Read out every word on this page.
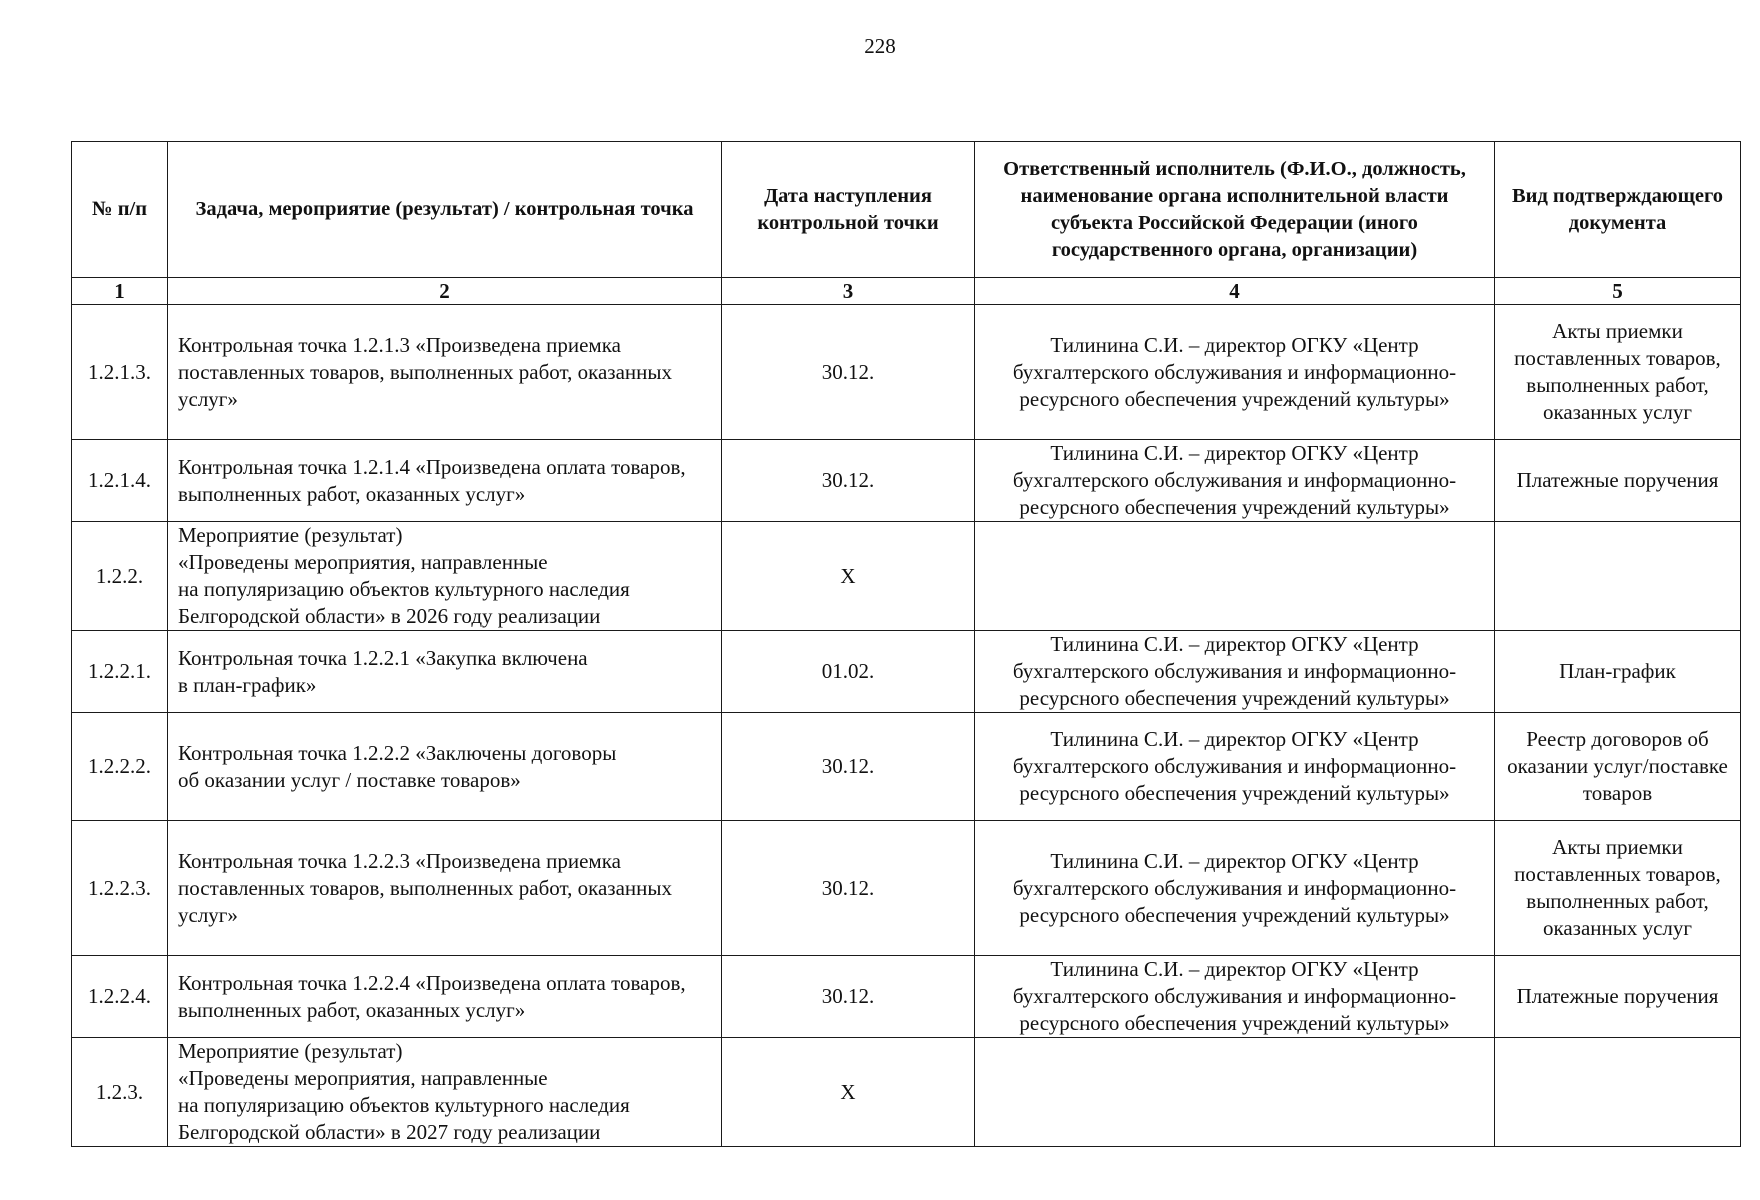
228
№ п/п	Задача, мероприятие (результат) / контрольная точка	Дата наступления контрольной точки	Ответственный исполнитель (Ф.И.О., должность, наименование органа исполнительной власти субъекта Российской Федерации (иного государственного органа, организации)	Вид подтверждающего документа
1	2	3	4	5
1.2.1.3.	Контрольная точка 1.2.1.3 «Произведена приемка поставленных товаров, выполненных работ, оказанных услуг»	30.12.	Тилинина С.И. – директор ОГКУ «Центр бухгалтерского обслуживания и информационно-ресурсного обеспечения учреждений культуры»	Акты приемки поставленных товаров, выполненных работ, оказанных услуг
1.2.1.4.	Контрольная точка 1.2.1.4 «Произведена оплата товаров, выполненных работ, оказанных услуг»	30.12.	Тилинина С.И. – директор ОГКУ «Центр бухгалтерского обслуживания и информационно-ресурсного обеспечения учреждений культуры»	Платежные поручения
1.2.2.	Мероприятие (результат)
«Проведены мероприятия, направленные
на популяризацию объектов культурного наследия Белгородской области» в 2026 году реализации	Х		
1.2.2.1.	Контрольная точка 1.2.2.1 «Закупка включена
в план-график»	01.02.	Тилинина С.И. – директор ОГКУ «Центр бухгалтерского обслуживания и информационно-ресурсного обеспечения учреждений культуры»	План-график
1.2.2.2.	Контрольная точка 1.2.2.2 «Заключены договоры
об оказании услуг / поставке товаров»	30.12.	Тилинина С.И. – директор ОГКУ «Центр бухгалтерского обслуживания и информационно-ресурсного обеспечения учреждений культуры»	Реестр договоров об оказании услуг/поставке товаров
1.2.2.3.	Контрольная точка 1.2.2.3 «Произведена приемка поставленных товаров, выполненных работ, оказанных услуг»	30.12.	Тилинина С.И. – директор ОГКУ «Центр бухгалтерского обслуживания и информационно-ресурсного обеспечения учреждений культуры»	Акты приемки поставленных товаров, выполненных работ, оказанных услуг
1.2.2.4.	Контрольная точка 1.2.2.4 «Произведена оплата товаров, выполненных работ, оказанных услуг»	30.12.	Тилинина С.И. – директор ОГКУ «Центр бухгалтерского обслуживания и информационно-ресурсного обеспечения учреждений культуры»	Платежные поручения
1.2.3.	Мероприятие (результат)
«Проведены мероприятия, направленные
на популяризацию объектов культурного наследия Белгородской области» в 2027 году реализации	Х		
